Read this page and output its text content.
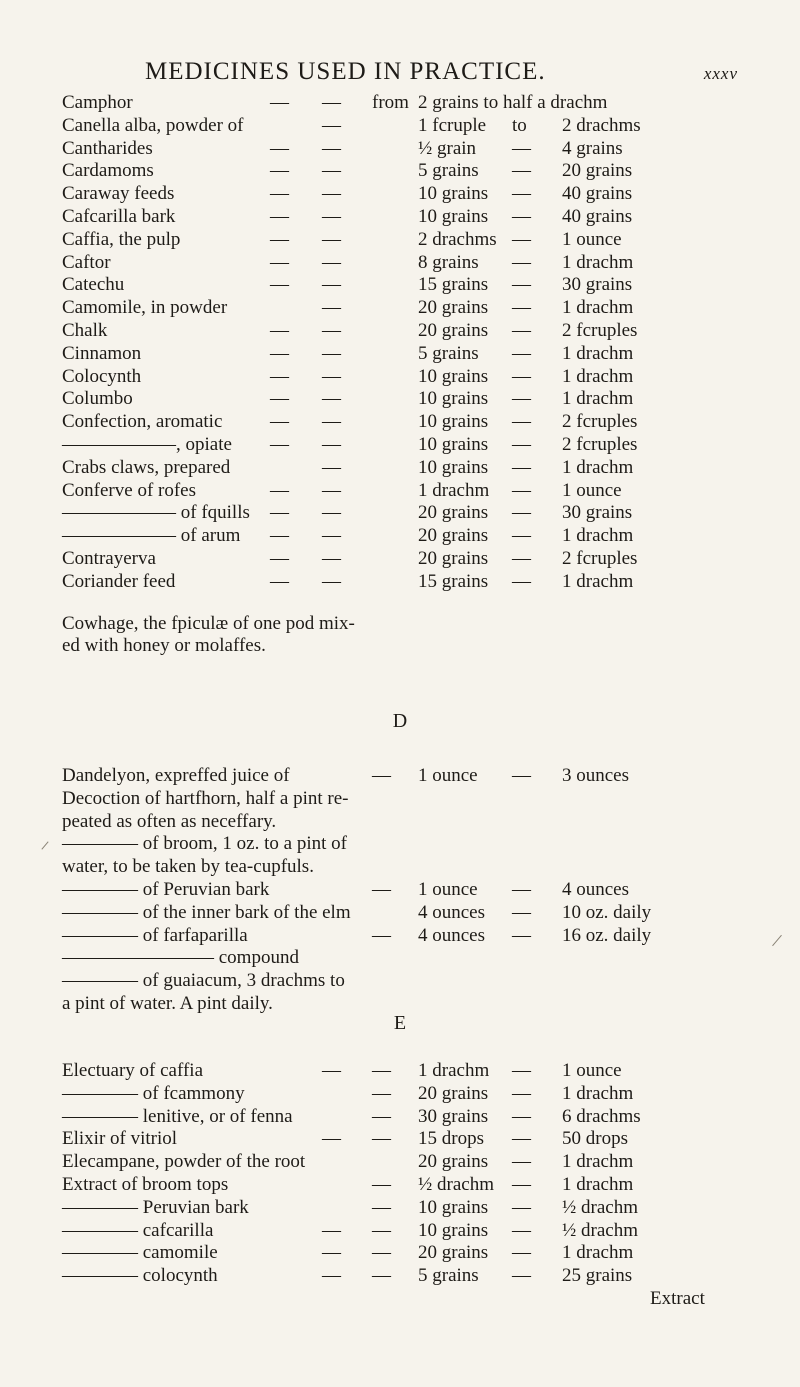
MEDICINES USED IN PRACTICE.	xxxv
Camphor	— — from 2 grains to half a drachm
Canella alba, powder of	—	1 fcruple to 2 drachms
Cantharides	— —	½ grain — 4 grains
Cardamoms	— —	5 grains — 20 grains
Caraway feeds	— —	10 grains — 40 grains
Cafcarilla bark	— —	10 grains — 40 grains
Caffia, the pulp	— —	2 drachms — 1 ounce
Caftor	— —	8 grains — 1 drachm
Catechu	— —	15 grains — 30 grains
Camomile, in powder	—	20 grains — 1 drachm
Chalk	— —	20 grains — 2 fcruples
Cinnamon	— —	5 grains — 1 drachm
Colocynth	— —	10 grains — 1 drachm
Columbo	— —	10 grains — 1 drachm
Confection, aromatic	— —	10 grains — 2 fcruples
——————, opiate — —	10 grains — 2 fcruples
Crabs claws, prepared	—	10 grains — 1 drachm
Conferve of rofes	— —	1 drachm — 1 ounce
—————— of fquills — —	20 grains — 30 grains
—————— of arum — —	20 grains — 1 drachm
Contrayerva	— —	20 grains — 2 fcruples
Coriander feed	— —	15 grains — 1 drachm
Cowhage, the fpiculæ of one pod mix-
ed with honey or molaffes.
D
Dandelyon, expreffed juice of	— 1 ounce — 3 ounces
Decoction of hartfhorn, half a pint re-
peated as often as neceffary.
———— of broom, 1 oz. to a pint of
water, to be taken by tea-cupfuls.
———— of Peruvian bark	— 1 ounce — 4 ounces
———— of the inner bark of the elm	4 ounces — 10 oz. daily
———— of farfaparilla	— 4 ounces — 16 oz. daily
———————— compound
———— of guaiacum, 3 drachms to
a pint of water. A pint daily.
E
Electuary of caffia	— — 1 drachm — 1 ounce
———— of fcammony	— 20 grains — 1 drachm
———— lenitive, or of fenna	— 30 grains — 6 drachms
Elixir of vitriol	— — 15 drops — 50 drops
Elecampane, powder of the root	20 grains — 1 drachm
Extract of broom tops	— ½ drachm — 1 drachm
———— Peruvian bark	— 10 grains — ½ drachm
———— cafcarilla	— — 10 grains — ½ drachm
———— camomile	— — 20 grains — 1 drachm
———— colocynth	— — 5 grains — 25 grains
Extract
